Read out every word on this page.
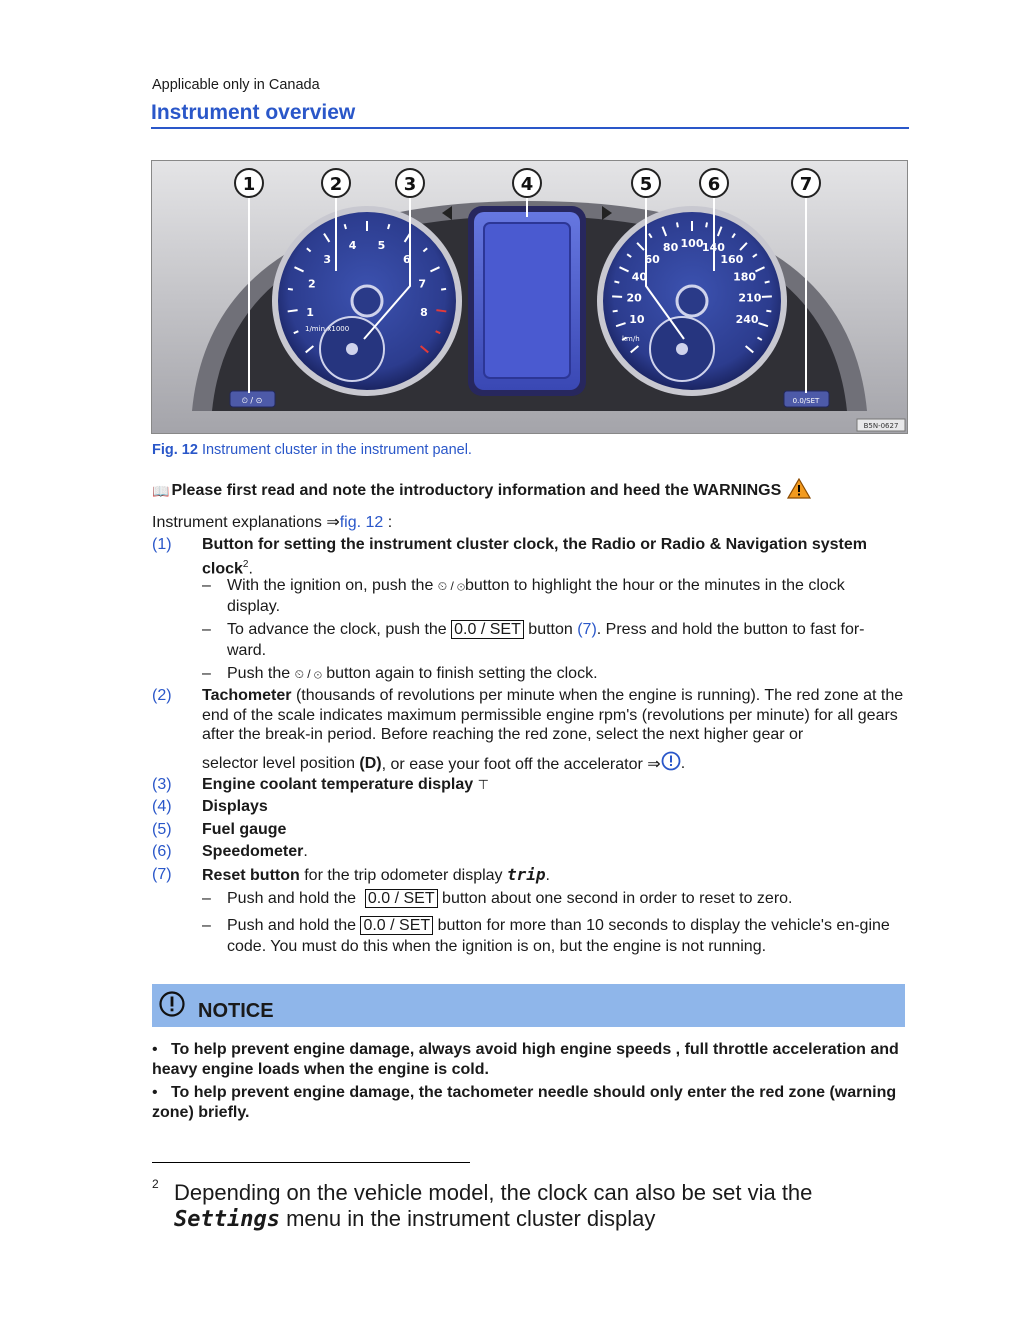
Applicable only in Canada
Instrument overview
1/min x1000
km/h
⏲ / ⊙	0.0/SET
1	2	3	4	5	6	7
B5N-0627
1
2
3
4 5
6
7
8
10
20
40
60
80 100
140
160
180
210
240
Fig. 12 Instrument cluster in the instrument panel.
📖 Please first read and note the introductory information and heed the WARNINGS
Instrument explanations ⇒fig. 12 :
(1) Button for setting the instrument cluster clock, the Radio or Radio & Navigation system clock$^2$.
– With the ignition on, push the ⏲ / ⊙button to highlight the hour or the minutes in the clock display.
– To advance the clock, push the 0.0 / SET button (7). Press and hold the button to fast for-ward.
– Push the ⏲ / ⊙ button again to finish setting the clock.
(2) Tachometer (thousands of revolutions per minute when the engine is running). The red zone at the end of the scale indicates maximum permissible engine rpm's (revolutions per minute) for all gears after the break-in period. Before reaching the red zone, select the next higher gear or
selector level position
(D) , or ease your foot off the accelerator ⇒ .
(3) Engine coolant temperature display ⊤
(4) Displays
(5) Fuel gauge
(6) Speedometer.
(7) Reset button for the trip odometer display trip.
– Push and hold the  0.0 / SET button about one second in order to reset to zero.
– Push and hold the 0.0 / SET button for more than 10 seconds to display the vehicle's en-gine code. You must do this when the ignition is on, but the engine is not running.
NOTICE
• To help prevent engine damage, always avoid high engine speeds , full throttle acceleration and heavy engine loads when the engine is cold.
• To help prevent engine damage, the tachometer needle should only enter the red zone (warning zone) briefly.
2 Depending on the vehicle model, the clock can also be set via the
Settings menu in the instrument cluster display
